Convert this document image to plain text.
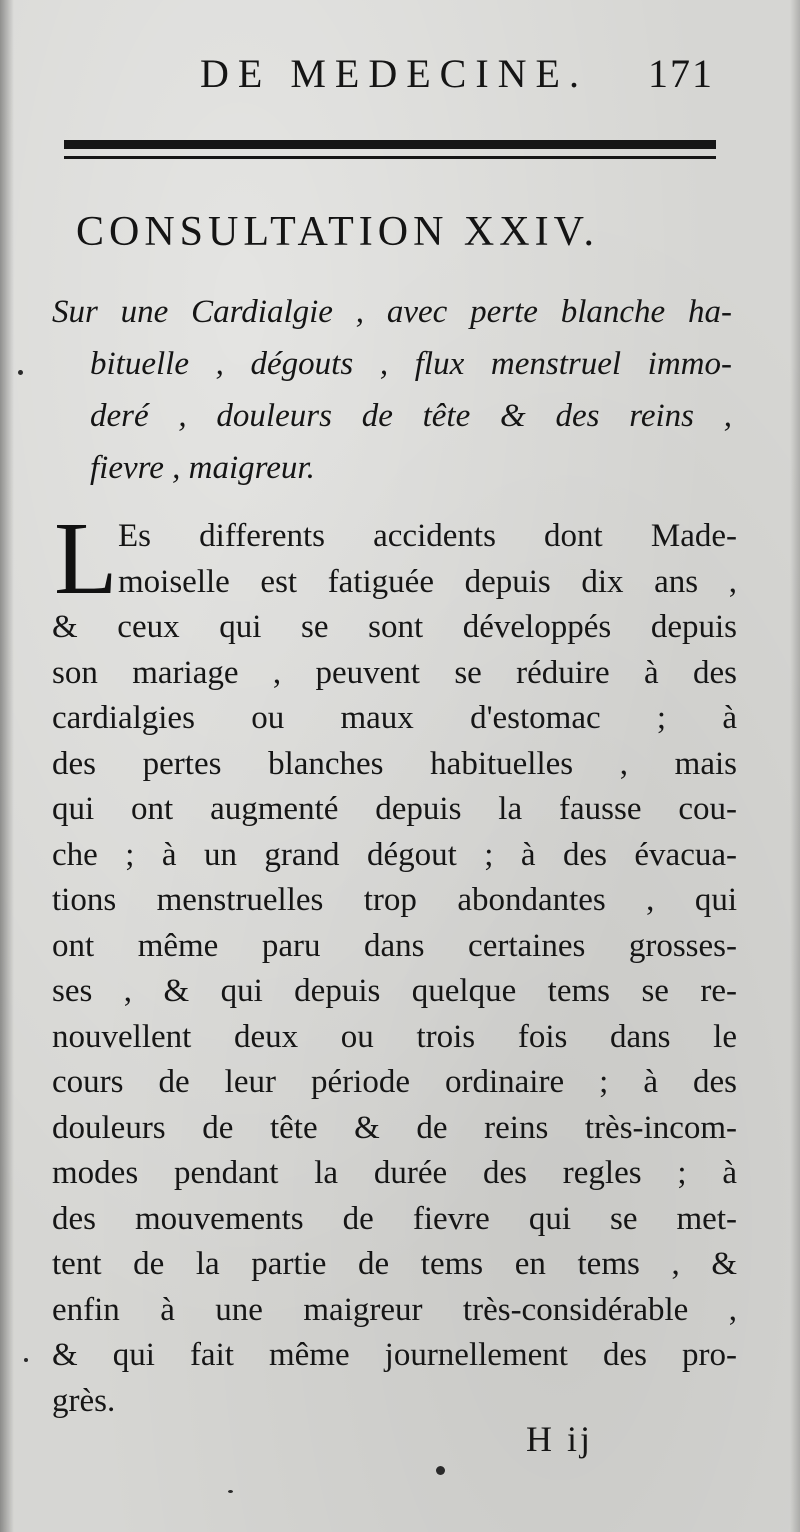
DE MEDECINE. 171
CONSULTATION XXIV.
Sur une Cardialgie , avec perte blanche ha-
bituelle , dégouts , flux menstruel immo-
deré , douleurs de tête & des reins ,
fievre , maigreur.
L Es differents accidents dont Made-
moiselle est fatiguée depuis dix ans ,
& ceux qui se sont développés depuis
son mariage , peuvent se réduire à des
cardialgies ou maux d'estomac ; à
des pertes blanches habituelles , mais
qui ont augmenté depuis la fausse cou-
che ; à un grand dégout ; à des évacua-
tions menstruelles trop abondantes , qui
ont même paru dans certaines grosses-
ses , & qui depuis quelque tems se re-
nouvellent deux ou trois fois dans le
cours de leur période ordinaire ; à des
douleurs de tête & de reins très-incom-
modes pendant la durée des regles ; à
des mouvements de fievre qui se met-
tent de la partie de tems en tems , &
enfin à une maigreur très-considérable ,
& qui fait même journellement des pro-
grès.
H ij
